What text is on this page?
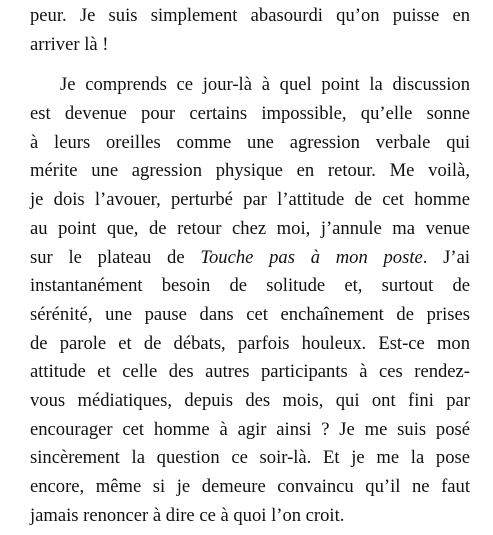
peur. Je suis simplement abasourdi qu’on puisse en
arriver là !
Je comprends ce jour-là à quel point la discussion
est devenue pour certains impossible, qu’elle sonne
à leurs oreilles comme une agression verbale qui
mérite une agression physique en retour. Me voilà,
je dois l’avouer, perturbé par l’attitude de cet homme
au point que, de retour chez moi, j’annule ma venue
sur le plateau de Touche pas à mon poste. J’ai
instantanément besoin de solitude et, surtout de
sérénité, une pause dans cet enchaînement de prises
de parole et de débats, parfois houleux. Est-ce mon
attitude et celle des autres participants à ces rendez-
vous médiatiques, depuis des mois, qui ont fini par
encourager cet homme à agir ainsi ? Je me suis posé
sincèrement la question ce soir-là. Et je me la pose
encore, même si je demeure convaincu qu’il ne faut
jamais renoncer à dire ce à quoi l’on croit.
